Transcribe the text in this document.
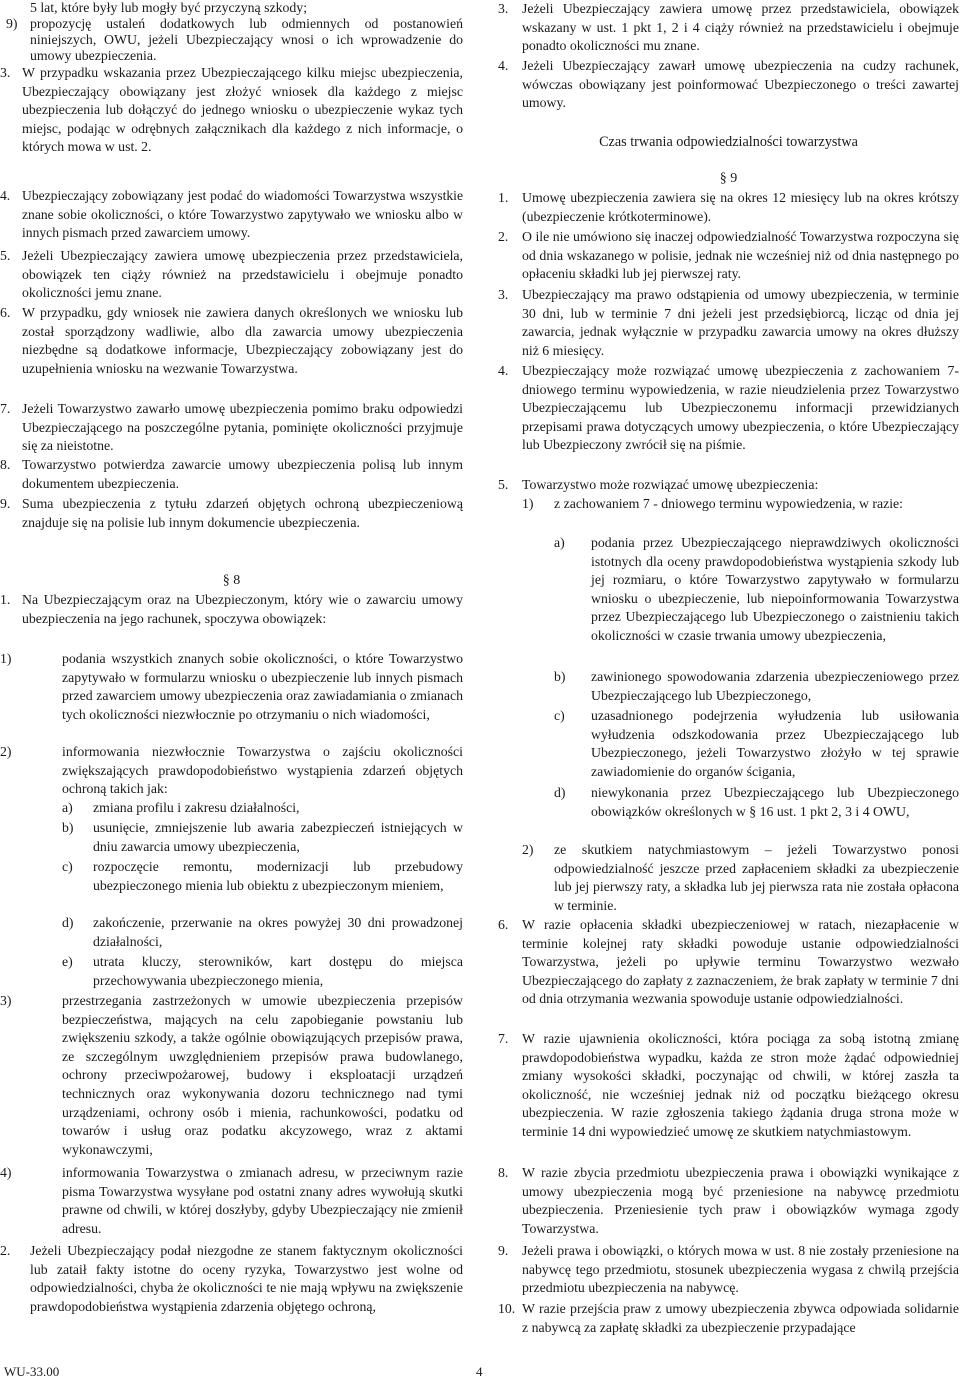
5 lat, które były lub mogły być przyczyną szkody;

9) propozycję ustaleń dodatkowych lub odmiennych od postanowień niniejszych, OWU, jeżeli Ubezpieczający wnosi o ich wprowadzenie do umowy ubezpieczenia.

3. W przypadku wskazania przez Ubezpieczającego kilku miejsc ubezpieczenia, Ubezpieczający obowiązany jest złożyć wniosek dla każdego z miejsc ubezpieczenia lub dołączyć do jednego wniosku o ubezpieczenie wykaz tych miejsc, podając w odrębnych załącznikach dla każdego z nich informacje, o których mowa w ust. 2.

4. Ubezpieczający zobowiązany jest podać do wiadomości Towarzystwa wszystkie znane sobie okoliczności, o które Towarzystwo zapytywało we wniosku albo w innych pismach przed zawarciem umowy.

5. Jeżeli Ubezpieczający zawiera umowę ubezpieczenia przez przedstawiciela, obowiązek ten ciąży również na przedstawicielu i obejmuje ponadto okoliczności jemu znane.

6. W przypadku, gdy wniosek nie zawiera danych określonych we wniosku lub został sporządzony wadliwie, albo dla zawarcia umowy ubezpieczenia niezbędne są dodatkowe informacje, Ubezpieczający zobowiązany jest do uzupełnienia wniosku na wezwanie Towarzystwa.

7. Jeżeli Towarzystwo zawarło umowę ubezpieczenia pomimo braku odpowiedzi Ubezpieczającego na poszczególne pytania, pominięte okoliczności przyjmuje się za nieistotne.

8. Towarzystwo potwierdza zawarcie umowy ubezpieczenia polisą lub innym dokumentem ubezpieczenia.

9. Suma ubezpieczenia z tytułu zdarzeń objętych ochroną ubezpieczeniową znajduje się na polisie lub innym dokumencie ubezpieczenia.

§ 8
1. Na Ubezpieczającym oraz na Ubezpieczonym, który wie o zawarciu umowy ubezpieczenia na jego rachunek, spoczywa obowiązek:

1)	podania wszystkich znanych sobie okoliczności, o które Towarzystwo zapytywało w formularzu wniosku o ubezpieczenie lub innych pismach przed zawarciem umowy ubezpieczenia oraz zawiadamiania o zmianach tych okoliczności niezwłocznie po otrzymaniu o nich wiadomości,

2)	informowania niezwłocznie Towarzystwa o zajściu okoliczności zwiększających prawdopodobieństwo wystąpienia zdarzeń objętych ochroną takich jak:

a) zmiana profilu i zakresu działalności,

b) usunięcie, zmniejszenie lub awaria zabezpieczeń istniejących w dniu zawarcia umowy ubezpieczenia,

c) rozpoczęcie remontu, modernizacji lub przebudowy ubezpieczonego mienia lub obiektu z ubezpieczonym mieniem,

d) zakończenie, przerwanie na okres powyżej 30 dni prowadzonej działalności,

e) utrata kluczy, sterowników, kart dostępu do miejsca przechowywania ubezpieczonego mienia,

3)	przestrzegania zastrzeżonych w umowie ubezpieczenia przepisów bezpieczeństwa, mających na celu zapobieganie powstaniu lub zwiększeniu szkody, a także ogólnie obowiązujących przepisów prawa, ze szczególnym uwzględnieniem przepisów prawa budowlanego, ochrony przeciwpożarowej, budowy i eksploatacji urządzeń technicznych oraz wykonywania dozoru technicznego nad tymi urządzeniami, ochrony osób i mienia, rachunkowości, podatku od towarów i usług oraz podatku akcyzowego, wraz z aktami wykonawczymi,

4)	informowania Towarzystwa o zmianach adresu, w przeciwnym razie pisma Towarzystwa wysyłane pod ostatni znany adres wywołują skutki prawne od chwili, w której doszłyby, gdyby Ubezpieczający nie zmienił adresu.

2. Jeżeli Ubezpieczający podał niezgodne ze stanem faktycznym okoliczności lub zataił fakty istotne do oceny ryzyka, Towarzystwo jest wolne od odpowiedzialności, chyba że okoliczności te nie mają wpływu na zwiększenie prawdopodobieństwa wystąpienia zdarzenia objętego ochroną,

3. Jeżeli Ubezpieczający zawiera umowę przez przedstawiciela, obowiązek wskazany w ust. 1 pkt 1, 2 i 4 ciąży również na przedstawicielu i obejmuje ponadto okoliczności mu znane.

4. Jeżeli Ubezpieczający zawarł umowę ubezpieczenia na cudzy rachunek, wówczas obowiązany jest poinformować Ubezpieczonego o treści zawartej umowy.

Czas trwania odpowiedzialności towarzystwa
§ 9
1. Umowę ubezpieczenia zawiera się na okres 12 miesięcy lub na okres krótszy (ubezpieczenie krótkoterminowe).

2. O ile nie umówiono się inaczej odpowiedzialność Towarzystwa rozpoczyna się od dnia wskazanego w polisie, jednak nie wcześniej niż od dnia następnego po opłaceniu składki lub jej pierwszej raty.

3. Ubezpieczający ma prawo odstąpienia od umowy ubezpieczenia, w terminie 30 dni, lub w terminie 7 dni jeżeli jest przedsiębiorcą, licząc od dnia jej zawarcia, jednak wyłącznie w przypadku zawarcia umowy na okres dłuższy niż 6 miesięcy.

4. Ubezpieczający może rozwiązać umowę ubezpieczenia z zachowaniem 7-dniowego terminu wypowiedzenia, w razie nieudzielenia przez Towarzystwo Ubezpieczającemu lub Ubezpieczonemu informacji przewidzianych przepisami prawa dotyczących umowy ubezpieczenia, o które Ubezpieczający lub Ubezpieczony zwrócił się na piśmie.

5. Towarzystwo może rozwiązać umowę ubezpieczenia:

1) z zachowaniem 7 - dniowego terminu wypowiedzenia, w razie:

a) podania przez Ubezpieczającego nieprawdziwych okoliczności istotnych dla oceny prawdopodobieństwa wystąpienia szkody lub jej rozmiaru, o które Towarzystwo zapytywało w formularzu wniosku o ubezpieczenie, lub niepoinformowania Towarzystwa przez Ubezpieczającego lub Ubezpieczonego o zaistnieniu takich okoliczności w czasie trwania umowy ubezpieczenia,

b) zawinionego spowodowania zdarzenia ubezpieczeniowego przez Ubezpieczającego lub Ubezpieczonego,

c) uzasadnionego podejrzenia wyłudzenia lub usiłowania wyłudzenia odszkodowania przez Ubezpieczającego lub Ubezpieczonego, jeżeli Towarzystwo złożyło w tej sprawie zawiadomienie do organów ścigania,

d) niewykonania przez Ubezpieczającego lub Ubezpieczonego obowiązków określonych w § 16 ust. 1 pkt 2, 3 i 4 OWU,

2) ze skutkiem natychmiastowym – jeżeli Towarzystwo ponosi odpowiedzialność jeszcze przed zapłaceniem składki za ubezpieczenie lub jej pierwszy raty, a składka lub jej pierwsza rata nie została opłacona w terminie.

6. W razie opłacenia składki ubezpieczeniowej w ratach, niezapłacenie w terminie kolejnej raty składki powoduje ustanie odpowiedzialności Towarzystwa, jeżeli po upływie terminu Towarzystwo wezwało Ubezpieczającego do zapłaty z zaznaczeniem, że brak zapłaty w terminie 7 dni od dnia otrzymania wezwania spowoduje ustanie odpowiedzialności.

7. W razie ujawnienia okoliczności, która pociąga za sobą istotną zmianę prawdopodobieństwa wypadku, każda ze stron może żądać odpowiedniej zmiany wysokości składki, poczynając od chwili, w której zaszła ta okoliczność, nie wcześniej jednak niż od początku bieżącego okresu ubezpieczenia. W razie zgłoszenia takiego żądania druga strona może w terminie 14 dni wypowiedzieć umowę ze skutkiem natychmiastowym.

8. W razie zbycia przedmiotu ubezpieczenia prawa i obowiązki wynikające z umowy ubezpieczenia mogą być przeniesione na nabywcę przedmiotu ubezpieczenia. Przeniesienie tych praw i obowiązków wymaga zgody Towarzystwa.

9. Jeżeli prawa i obowiązki, o których mowa w ust. 8 nie zostały przeniesione na nabywcę tego przedmiotu, stosunek ubezpieczenia wygasa z chwilą przejścia przedmiotu ubezpieczenia na nabywcę.

10. W razie przejścia praw z umowy ubezpieczenia zbywca odpowiada solidarnie z nabywcą za zapłatę składki za ubezpieczenie przypadające

WU-33.00	4
